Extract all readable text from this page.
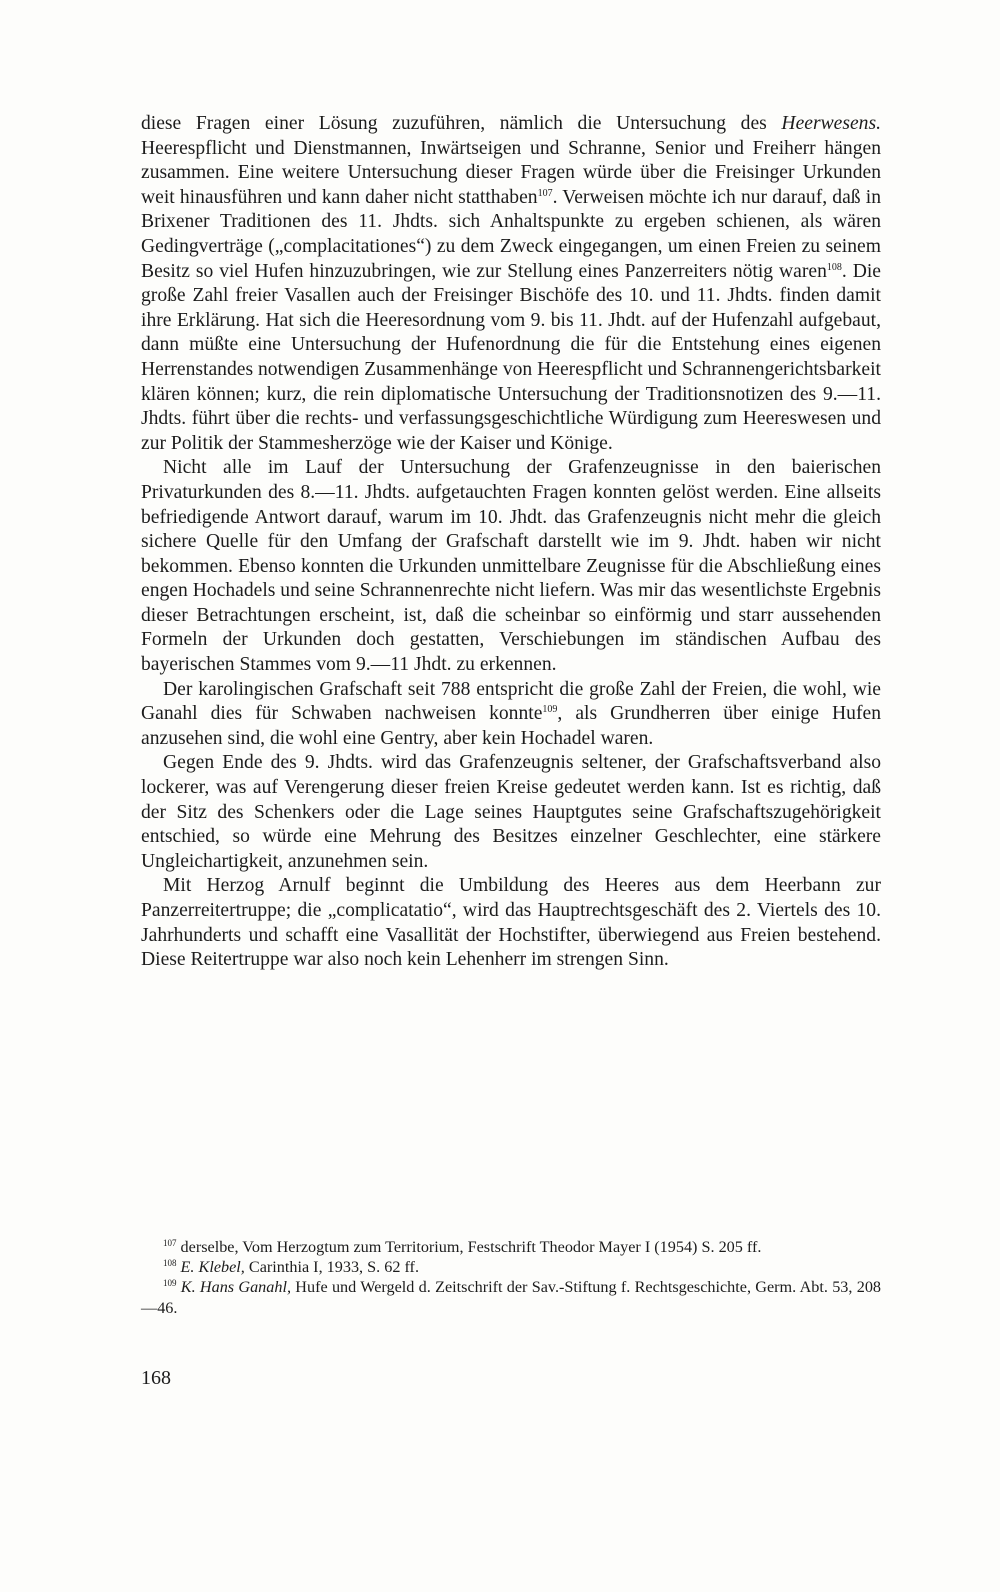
diese Fragen einer Lösung zuzuführen, nämlich die Untersuchung des Heerwesens. Heerespflicht und Dienstmannen, Inwärtseigen und Schranne, Senior und Freiherr hängen zusammen. Eine weitere Untersuchung dieser Fragen würde über die Freisinger Urkunden weit hinausführen und kann daher nicht statthaben$^{107}$. Verweisen möchte ich nur darauf, daß in Brixener Traditionen des 11. Jhdts. sich Anhaltspunkte zu ergeben schienen, als wären Gedingverträge („complacitationes“) zu dem Zweck eingegangen, um einen Freien zu seinem Besitz so viel Hufen hinzuzubringen, wie zur Stellung eines Panzerreiters nötig waren$^{108}$. Die große Zahl freier Vasallen auch der Freisinger Bischöfe des 10. und 11. Jhdts. finden damit ihre Erklärung. Hat sich die Heeresordnung vom 9. bis 11. Jhdt. auf der Hufenzahl aufgebaut, dann müßte eine Untersuchung der Hufenordnung die für die Entstehung eines eigenen Herrenstandes notwendigen Zusammenhänge von Heerespflicht und Schrannengerichtsbarkeit klären können; kurz, die rein diplomatische Untersuchung der Traditionsnotizen des 9.—11. Jhdts. führt über die rechts- und verfassungsgeschichtliche Würdigung zum Heereswesen und zur Politik der Stammesherzöge wie der Kaiser und Könige.

Nicht alle im Lauf der Untersuchung der Grafenzeugnisse in den baierischen Privaturkunden des 8.—11. Jhdts. aufgetauchten Fragen konnten gelöst werden. Eine allseits befriedigende Antwort darauf, warum im 10. Jhdt. das Grafenzeugnis nicht mehr die gleich sichere Quelle für den Umfang der Grafschaft darstellt wie im 9. Jhdt. haben wir nicht bekommen. Ebenso konnten die Urkunden unmittelbare Zeugnisse für die Abschließung eines engen Hochadels und seine Schrannenrechte nicht liefern. Was mir das wesentlichste Ergebnis dieser Betrachtungen erscheint, ist, daß die scheinbar so einförmig und starr aussehenden Formeln der Urkunden doch gestatten, Verschiebungen im ständischen Aufbau des bayerischen Stammes vom 9.—11 Jhdt. zu erkennen.

Der karolingischen Grafschaft seit 788 entspricht die große Zahl der Freien, die wohl, wie Ganahl dies für Schwaben nachweisen konnte$^{109}$, als Grundherren über einige Hufen anzusehen sind, die wohl eine Gentry, aber kein Hochadel waren.

Gegen Ende des 9. Jhdts. wird das Grafenzeugnis seltener, der Grafschaftsverband also lockerer, was auf Verengerung dieser freien Kreise gedeutet werden kann. Ist es richtig, daß der Sitz des Schenkers oder die Lage seines Hauptgutes seine Grafschaftszugehörigkeit entschied, so würde eine Mehrung des Besitzes einzelner Geschlechter, eine stärkere Ungleichartigkeit, anzunehmen sein.

Mit Herzog Arnulf beginnt die Umbildung des Heeres aus dem Heerbann zur Panzerreitertruppe; die „complicatatio“, wird das Hauptrechtsgeschäft des 2. Viertels des 10. Jahrhunderts und schafft eine Vasallität der Hochstifter, überwiegend aus Freien bestehend. Diese Reitertruppe war also noch kein Lehenherr im strengen Sinn.

$^{107}$ derselbe, Vom Herzogtum zum Territorium, Festschrift Theodor Mayer I (1954) S. 205 ff.

$^{108}$ E. Klebel, Carinthia I, 1933, S. 62 ff.

$^{109}$ K. Hans Ganahl, Hufe und Wergeld d. Zeitschrift der Sav.-Stiftung f. Rechtsgeschichte, Germ. Abt. 53, 208—46.

168
